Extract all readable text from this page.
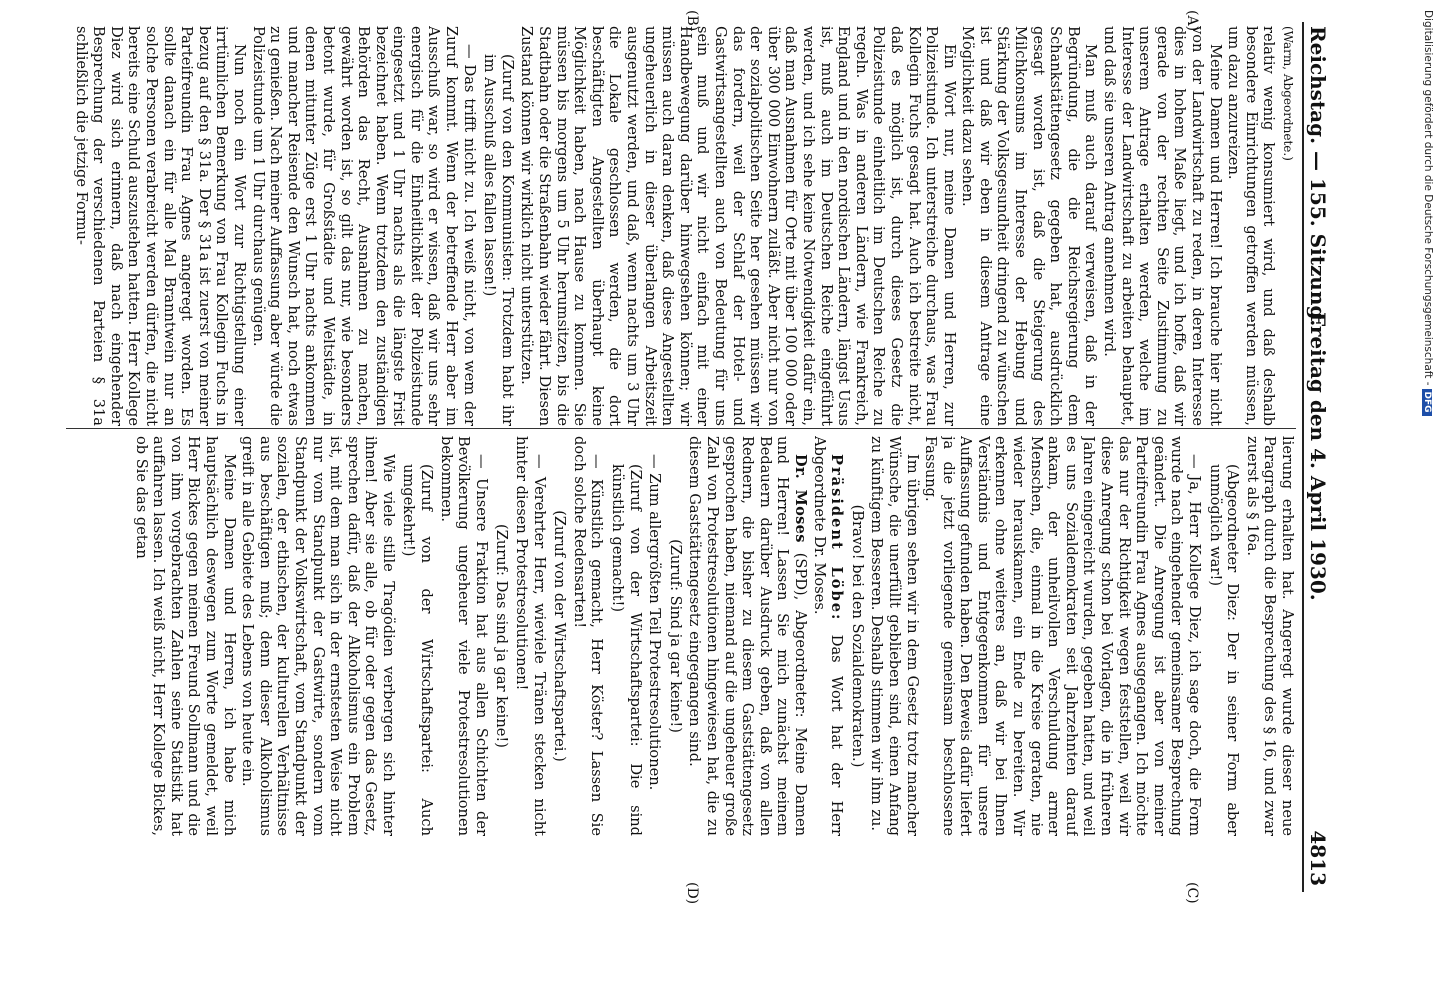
Reichstag. — 155. Sitzung.
Freitag den 4. April 1930.
4813
(A)
(B)
(C)
(D)

(Warm, Abgeordnete.)

relativ wenig konsumiert wird, und daß deshalb besondere Einrichtungen getroffen werden müssen, um dazu anzureizen.

Meine Damen und Herren! Ich brauche hier nicht von der Landwirtschaft zu reden, in deren Interesse dies in hohem Maße liegt, und ich hoffe, daß wir gerade von der rechten Seite Zustimmung zu unserem Antrage erhalten werden, welche im Interesse der Landwirtschaft zu arbeiten behauptet, und daß sie unseren Antrag annehmen wird.

Man muß auch darauf verweisen, daß in der Begründung, die die Reichsregierung dem Schankstättengesetz gegeben hat, ausdrücklich gesagt worden ist, daß die Steigerung des Milchkonsums im Interesse der Hebung und Stärkung der Volksgesundheit dringend zu wünschen ist und daß wir eben in diesem Antrage eine Möglichkeit dazu sehen.

Ein Wort nur, meine Damen und Herren, zur Polizeistunde. Ich unterstreiche durchaus, was Frau Kollegin Fuchs gesagt hat. Auch ich bestreite nicht, daß es möglich ist, durch dieses Gesetz die Polizeistunde einheitlich im Deutschen Reiche zu regeln. Was in anderen Ländern, wie Frankreich, England und in den nordischen Ländern, längst Usus ist, muß auch im Deutschen Reiche eingeführt werden, und ich sehe keine Notwendigkeit dafür ein, daß man Ausnahmen für Orte mit über 100 000 oder über 300 000 Einwohnern zuläßt. Aber nicht nur von der sozialpolitischen Seite her gesehen müssen wir das fordern, weil der Schlaf der Hotel- und Gastwirtsangestellten auch von Bedeutung für uns sein muß und wir nicht einfach mit einer Handbewegung darüber hinwegsehen können; wir müssen auch daran denken, daß diese Angestellten ungeheuerlich in dieser überlangen Arbeitszeit ausgenutzt werden, und daß, wenn nachts um 3 Uhr die Lokale geschlossen werden, die dort beschäftigten Angestellten überhaupt keine Möglichkeit haben, nach Hause zu kommen. Sie müssen bis morgens um 5 Uhr herumsitzen, bis die Stadtbahn oder die Straßenbahn wieder fährt. Diesen Zustand können wir wirklich nicht unterstützen.

(Zuruf von den Kommunisten: Trotzdem habt ihr im Ausschuß alles fallen lassen!)

— Das trifft nicht zu. Ich weiß nicht, von wem der Zuruf kommt. Wenn der betreffende Herr aber im Ausschuß war, so wird er wissen, daß wir uns sehr energisch für die Einheitlichkeit der Polizeistunde eingesetzt und 1 Uhr nachts als die längste Frist bezeichnet haben. Wenn trotzdem den zuständigen Behörden das Recht, Ausnahmen zu machen, gewährt worden ist, so gilt das nur, wie besonders betont wurde, für Großstädte und Weltstädte, in denen mitunter Züge erst 1 Uhr nachts ankommen und mancher Reisende den Wunsch hat, noch etwas zu genießen. Nach meiner Auffassung aber würde die Polizeistunde um 1 Uhr durchaus genügen.

Nun noch ein Wort zur Richtigstellung einer irrtümlichen Bemerkung von Frau Kollegin Fuchs in bezug auf den § 31a. Der § 31a ist zuerst von meiner Parteifreundin Frau Agnes angeregt worden. Es sollte danach ein für alle Mal Branntwein nur an solche Personen verabreicht werden dürfen, die nicht bereits eine Schuld auszustehen hatten. Herr Kollege Diez wird sich erinnern, daß nach eingehender Besprechung der verschiedenen Parteien § 31a schließlich die jetzige Formu-

lierung erhalten hat. Angeregt wurde dieser neue Paragraph durch die Besprechung des § 16, und zwar zuerst als § 16a.

(Abgeordneter Diez: Der in seiner Form aber unmöglich war!)

— Ja, Herr Kollege Diez, ich sage doch, die Form wurde nach eingehender gemeinsamer Besprechung geändert. Die Anregung ist aber von meiner Parteifreundin Frau Agnes ausgegangen. Ich möchte das nur der Richtigkeit wegen feststellen, weil wir diese Anregung schon bei Vorlagen, die in früheren Jahren eingereicht wurden, gegeben hatten, und weil es uns Sozialdemokraten seit Jahrzehnten darauf ankam, der unheilvollen Verschuldung armer Menschen, die, einmal in die Kreise geraten, nie wieder herauskamen, ein Ende zu bereiten. Wir erkennen ohne weiteres an, daß wir bei Ihnen Verständnis und Entgegenkommen für unsere Auffassung gefunden haben. Den Beweis dafür liefert ja die jetzt vorliegende gemeinsam beschlossene Fassung.

Im übrigen sehen wir in dem Gesetz trotz mancher Wünsche, die unerfüllt geblieben sind, einen Anfang zu künftigem Besseren. Deshalb stimmen wir ihm zu.

(Bravo! bei den Sozialdemokraten.)

Präsident Löbe: Das Wort hat der Herr Abgeordnete Dr. Moses.

Dr. Moses (SPD), Abgeordneter: Meine Damen und Herren! Lassen Sie mich zunächst meinem Bedauern darüber Ausdruck geben, daß von allen Rednern, die bisher zu diesem Gaststättengesetz gesprochen haben, niemand auf die ungeheuer große Zahl von Protestresolutionen hingewiesen hat, die zu diesem Gaststättengesetz eingegangen sind.

(Zuruf: Sind ja gar keine!)

— Zum allergrößten Teil Protestresolutionen.

(Zuruf von der Wirtschaftspartei: Die sind künstlich gemacht!)

— Künstlich gemacht, Herr Köster? Lassen Sie doch solche Redensarten!

(Zuruf von der Wirtschaftspartei.)

— Verehrter Herr, wieviele Tränen stecken nicht hinter diesen Protestresolutionen!

(Zuruf: Das sind ja gar keine!)

— Unsere Fraktion hat aus allen Schichten der Bevölkerung ungeheuer viele Protestresolutionen bekommen.

(Zuruf von der Wirtschaftspartei: Auch umgekehrt!)

Wie viele stille Tragödien verbergen sich hinter ihnen! Aber sie alle, ob für oder gegen das Gesetz, sprechen dafür, daß der Alkoholismus ein Problem ist, mit dem man sich in der ernstesten Weise nicht nur vom Standpunkt der Gastwirte, sondern vom Standpunkt der Volkswirtschaft, vom Standpunkt der sozialen, der ethischen, der kulturellen Verhältnisse aus beschäftigen muß; denn dieser Alkoholismus greift in alle Gebiete des Lebens von heute ein.

Meine Damen und Herren, ich habe mich hauptsächlich deswegen zum Worte gemeldet, weil Herr Bickes gegen meinen Freund Sollmann und die von ihm vorgebrachten Zahlen seine Statistik hat auffahren lassen. Ich weiß nicht, Herr Kollege Bickes, ob Sie das getan

Digitalisierung gefördert durch die Deutsche Forschungsgemeinschaft -DFG
